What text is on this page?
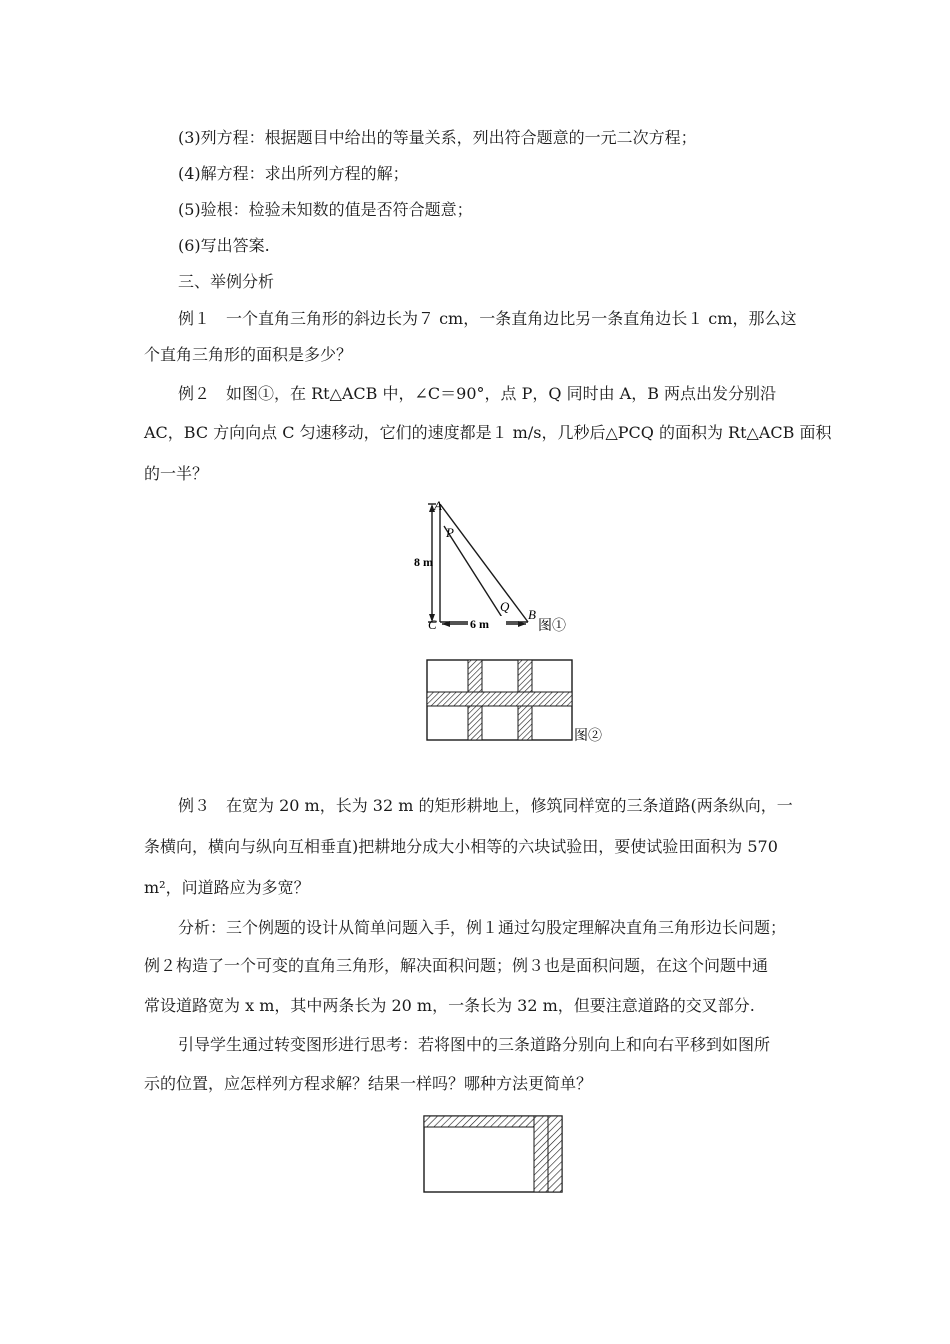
(3)列方程：根据题目中给出的等量关系，列出符合题意的一元二次方程；
(4)解方程：求出所列方程的解；
(5)验根：检验未知数的值是否符合题意；
(6)写出答案.
三、举例分析
例１　一个直角三角形的斜边长为７ cm，一条直角边比另一条直角边长１ cm，那么这
个直角三角形的面积是多少？
例２　如图①，在 Rt△ACB 中，∠C＝90°，点 P，Q 同时由 A，B 两点出发分别沿
AC，BC 方向向点 C 匀速移动，它们的速度都是１ m/s，几秒后△PCQ 的面积为 Rt△ACB 面积
的一半？
A
P
C
Q
B
8 m
6 m	图①
图②
例３　在宽为 20 m，长为 32 m 的矩形耕地上，修筑同样宽的三条道路(两条纵向，一
条横向，横向与纵向互相垂直)把耕地分成大小相等的六块试验田，要使试验田面积为 570
m²，问道路应为多宽？
分析：三个例题的设计从简单问题入手，例１通过勾股定理解决直角三角形边长问题；
例２构造了一个可变的直角三角形，解决面积问题；例３也是面积问题，在这个问题中通
常设道路宽为 x m，其中两条长为 20 m，一条长为 32 m，但要注意道路的交叉部分.
引导学生通过转变图形进行思考：若将图中的三条道路分别向上和向右平移到如图所
示的位置，应怎样列方程求解？结果一样吗？哪种方法更简单？
